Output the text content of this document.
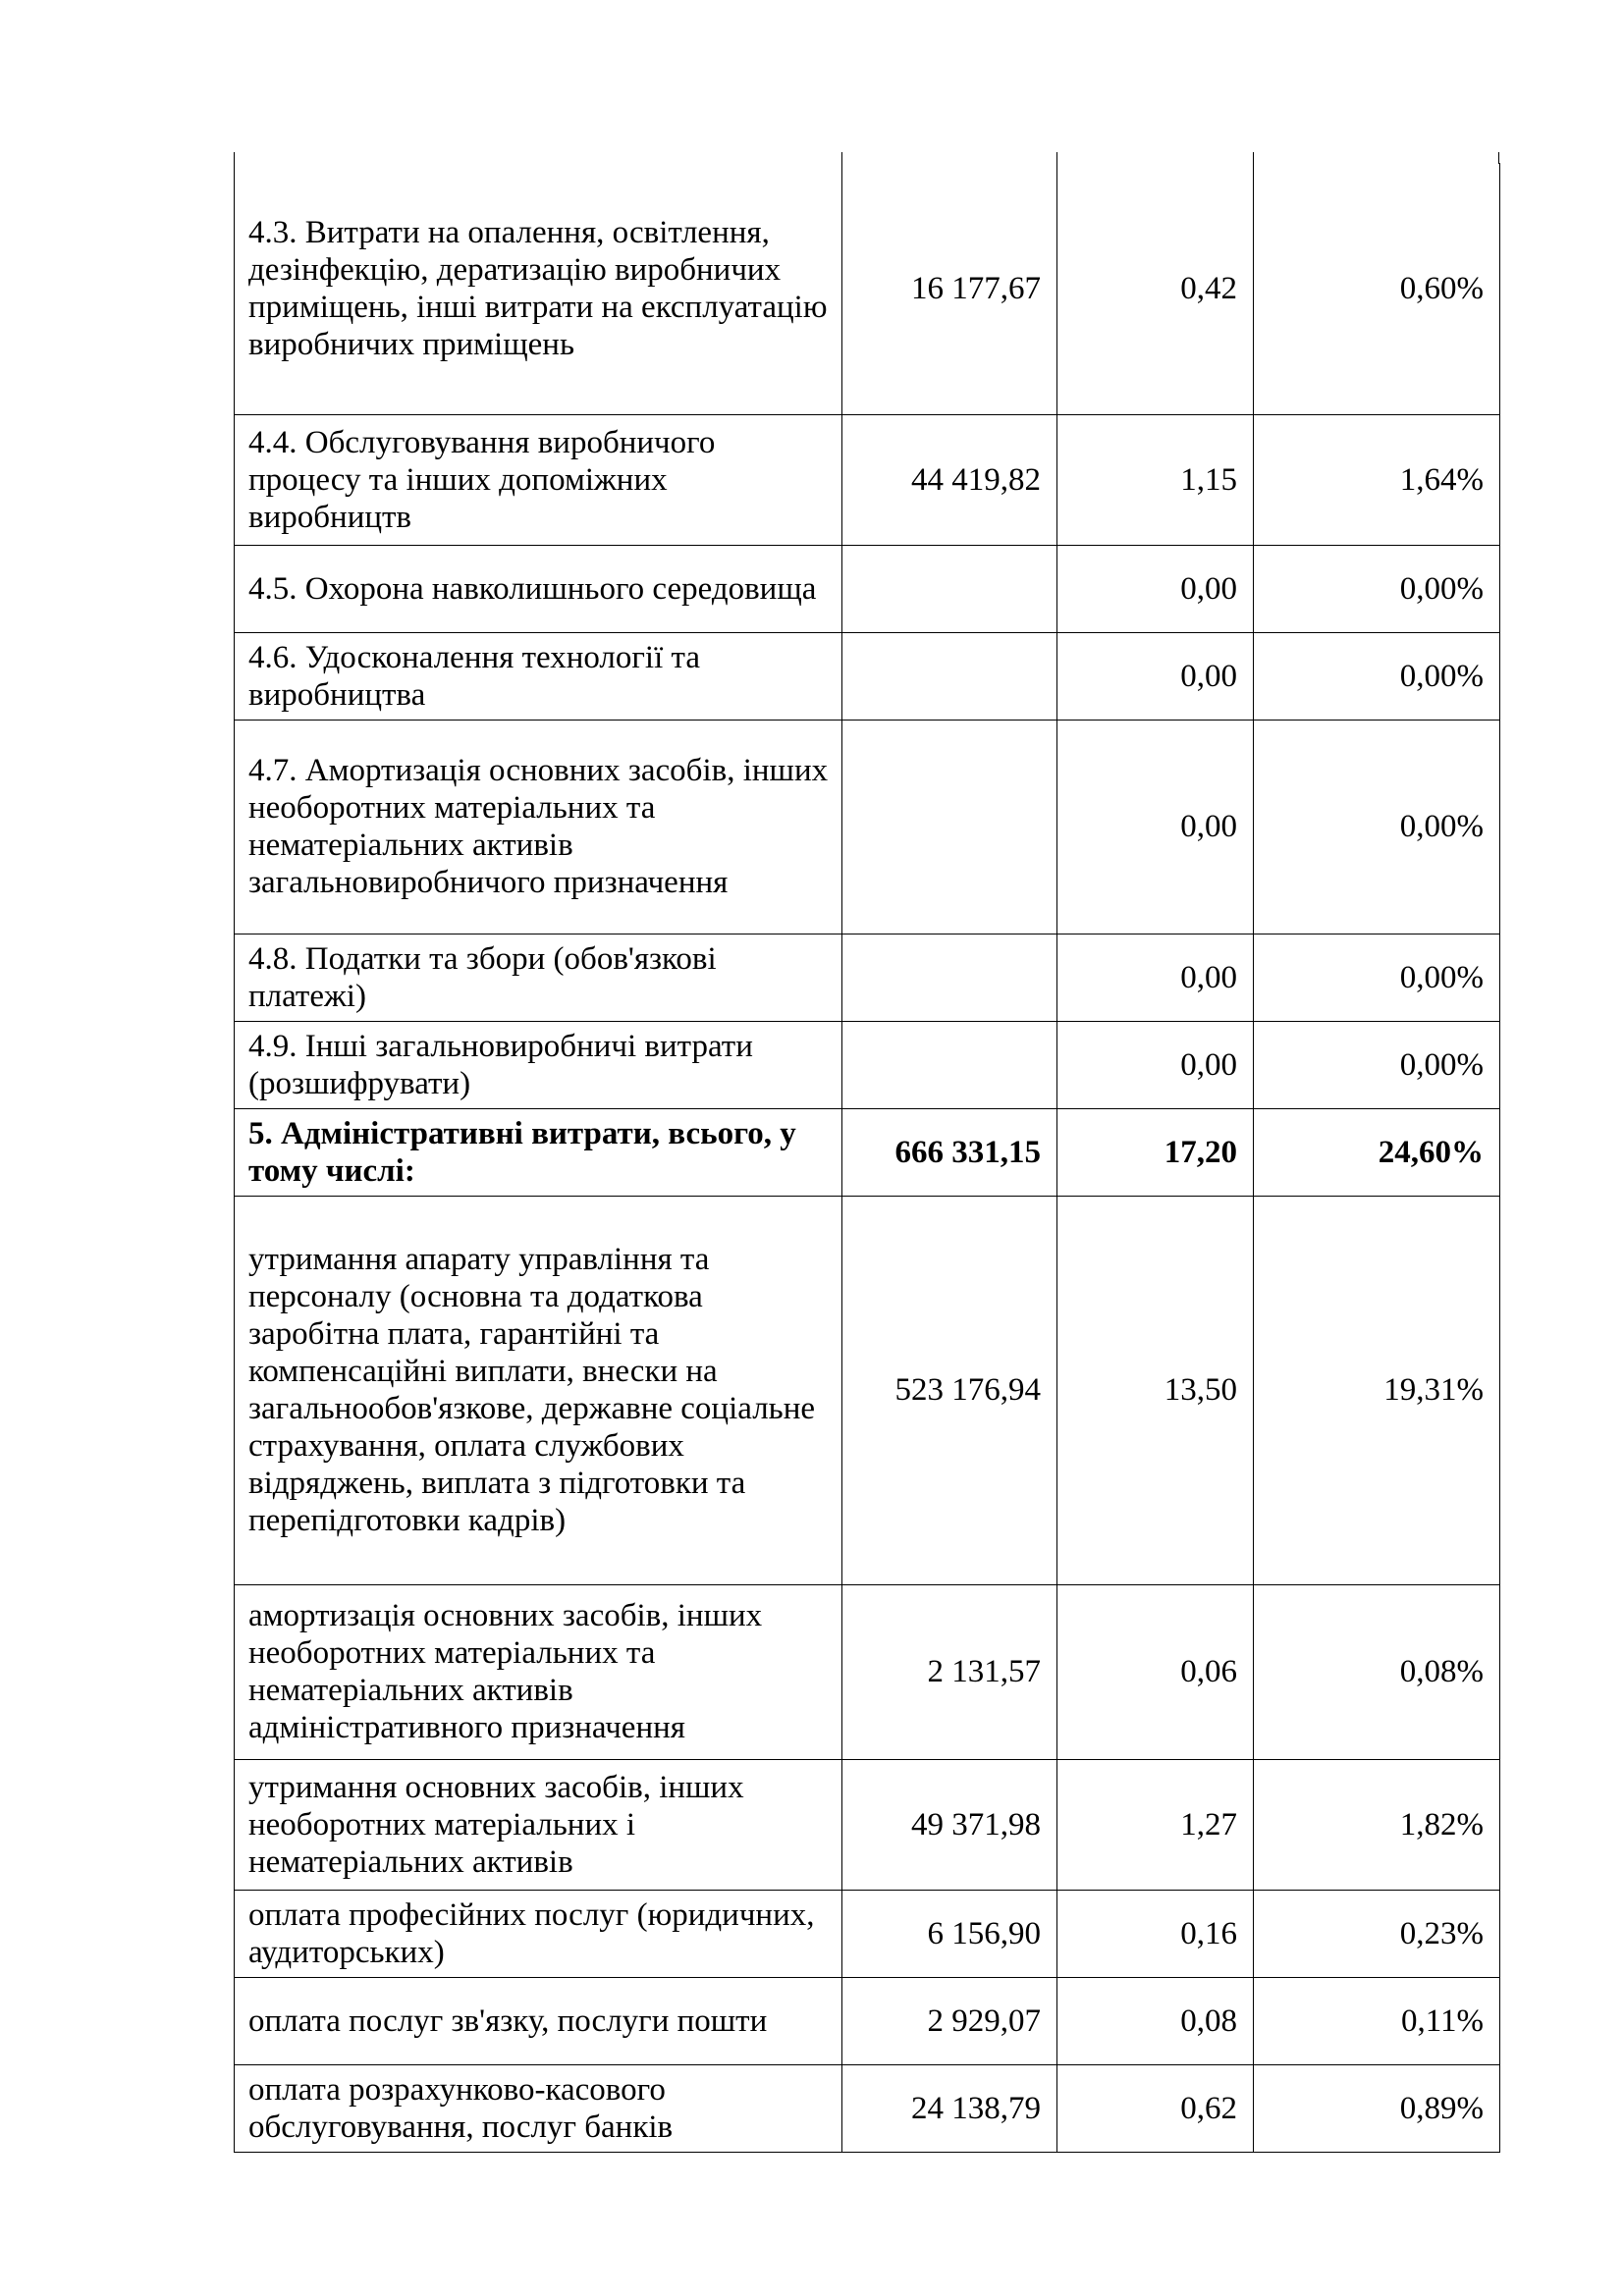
4.3. Витрати на опалення, освітлення, дезінфекцію, дератизацію виробничих приміщень, інші витрати на експлуатацію виробничих приміщень	16 177,67	0,42	0,60%
4.4. Обслуговування виробничого процесу та інших допоміжних виробництв	44 419,82	1,15	1,64%
4.5. Охорона навколишнього середовища		0,00	0,00%
4.6. Удосконалення технології та виробництва		0,00	0,00%
4.7. Амортизація основних засобів, інших необоротних матеріальних та нематеріальних активів загальновиробничого призначення		0,00	0,00%
4.8. Податки та збори (обов'язкові платежі)		0,00	0,00%
4.9. Інші загальновиробничі витрати (розшифрувати)		0,00	0,00%
5. Адміністративні витрати, всього, у тому числі:	666 331,15	17,20	24,60%
утримання апарату управління та персоналу (основна та додаткова заробітна плата, гарантійні та компенсаційні виплати, внески на загальнообов'язкове, державне соціальне страхування, оплата службових відряджень, виплата з підготовки та перепідготовки кадрів)	523 176,94	13,50	19,31%
амортизація основних засобів, інших необоротних матеріальних та нематеріальних активів адміністративного призначення	2 131,57	0,06	0,08%
утримання основних засобів, інших необоротних матеріальних і нематеріальних активів	49 371,98	1,27	1,82%
оплата професійних послуг (юридичних, аудиторських)	6 156,90	0,16	0,23%
оплата послуг зв'язку, послуги пошти	2 929,07	0,08	0,11%
оплата розрахунково-касового обслуговування, послуг банків	24 138,79	0,62	0,89%
